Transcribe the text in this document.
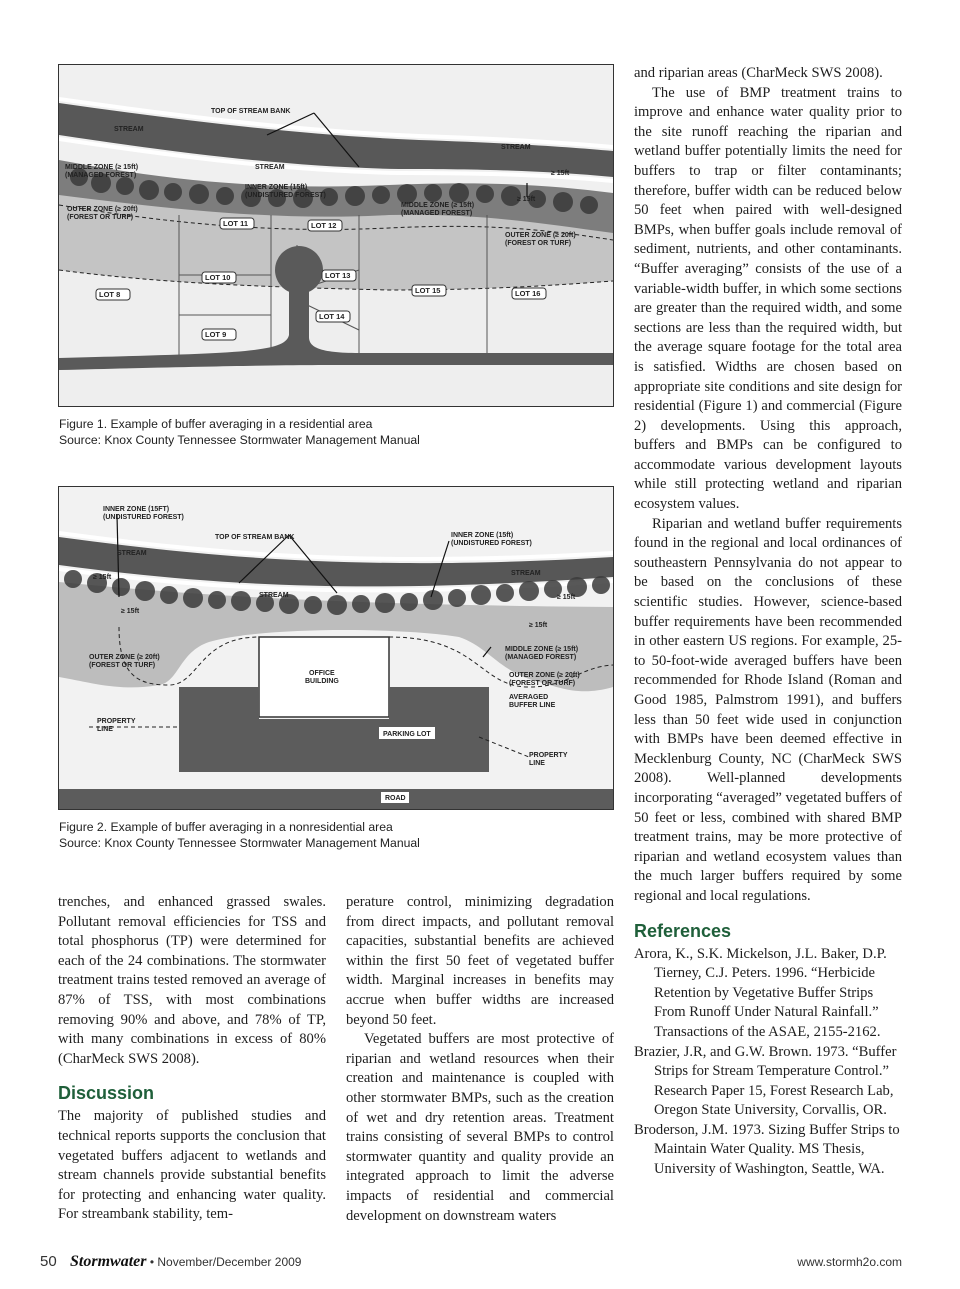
TOP OF STREAM BANK
STREAM
STREAM
STREAM
MIDDLE ZONE (≥ 15ft)
(MANAGED FOREST)
INNER ZONE (15ft)
(UNDISTURED FOREST)
OUTER ZONE (≥ 20ft)
(FOREST OR TURF)
MIDDLE ZONE (≥ 15ft)
(MANAGED FOREST)
OUTER ZONE (≥ 20ft)
(FOREST OR TURF)
≥ 15ft
≥ 15ft
LOT 8
LOT 9
LOT 10
LOT 11	LOT 12
LOT 13
LOT 14
LOT 15	LOT 16
Figure 1. Example of buffer averaging in a residential area
Source: Knox County Tennessee Stormwater Management Manual
INNER ZONE (15FT)
(UNDISTURED FOREST)
TOP OF STREAM BANK	INNER ZONE (15ft)
(UNDISTURED FOREST)
STREAM
STREAM
STREAM
≥ 15ft
≥ 15ft
≥ 15ft
≥ 15ft
OUTER ZONE (≥ 20ft)
(FOREST OR TURF)
OFFICE
BUILDING
MIDDLE ZONE (≥ 15ft)
(MANAGED FOREST)
OUTER ZONE (≥ 20ft)
(FOREST OR TURF)
AVERAGED
BUFFER LINE
PROPERTY
LINE
PARKING LOT
PROPERTY
LINE
ROAD
Figure 2. Example of buffer averaging in a nonresidential area
Source: Knox County Tennessee Stormwater Management Manual

trenches, and enhanced grassed swales. Pollutant removal efficiencies for TSS and total phosphorus (TP) were determined for each of the 24 combinations. The stormwater treatment trains tested removed an average of 87% of TSS, with most combinations removing 90% and above, and 78% of TP, with many combinations in excess of 80% (CharMeck SWS 2008).

Discussion

The majority of published studies and technical reports supports the conclusion that vegetated buffers adjacent to wetlands and stream channels provide substantial benefits for protecting and enhancing water quality. For streambank stability, tem-

perature control, minimizing degradation from direct impacts, and pollutant removal capacities, substantial benefits are achieved within the first 50 feet of vegetated buffer width. Marginal increases in benefits may accrue when buffer widths are increased beyond 50 feet.

Vegetated buffers are most protective of riparian and wetland resources when their creation and maintenance is coupled with other stormwater BMPs, such as the creation of wet and dry retention areas. Treatment trains consisting of several BMPs to control stormwater quantity and quality provide an integrated approach to limit the adverse impacts of residential and commercial development on downstream waters

and riparian areas (CharMeck SWS 2008).

The use of BMP treatment trains to improve and enhance water quality prior to the site runoff reaching the riparian and wetland buffer potentially limits the need for buffers to trap or filter contaminants; therefore, buffer width can be reduced below 50 feet when paired with well-designed BMPs, when buffer goals include removal of sediment, nutrients, and other contaminants. “Buffer averaging” consists of the use of a variable-width buffer, in which some sections are greater than the required width, and some sections are less than the required width, but the average square footage for the total area is satisfied. Widths are chosen based on appropriate site conditions and site design for residential (Figure 1) and commercial (Figure 2) developments. Using this approach, buffers and BMPs can be configured to accommodate various development layouts while still protecting wetland and riparian ecosystem values.

Riparian and wetland buffer requirements found in the regional and local ordinances of southeastern Pennsylvania do not appear to be based on the conclusions of these scientific studies. However, science-based buffer requirements have been recommended in other eastern US regions. For example, 25- to 50-foot-wide averaged buffers have been recommended for Rhode Island (Roman and Good 1985, Palmstrom 1991), and buffers less than 50 feet wide used in conjunction with BMPs have been deemed effective in Mecklenburg County, NC (CharMeck SWS 2008). Well-planned developments incorporating “averaged” vegetated buffers of 50 feet or less, combined with shared BMP treatment trains, may be more protective of riparian and wetland ecosystem values than the much larger buffers required by some regional and local regulations.

References

Arora, K., S.K. Mickelson, J.L. Baker, D.P. Tierney, C.J. Peters. 1996. “Herbicide Retention by Vegetative Buffer Strips From Runoff Under Natural Rainfall.” Transactions of the ASAE, 2155-2162.

Brazier, J.R, and G.W. Brown. 1973. “Buffer Strips for Stream Temperature Control.” Research Paper 15, Forest Research Lab, Oregon State University, Corvallis, OR.

Broderson, J.M. 1973. Sizing Buffer Strips to Maintain Water Quality. MS Thesis, University of Washington, Seattle, WA.

50 Stormwater • November/December 2009	www.stormh2o.com
